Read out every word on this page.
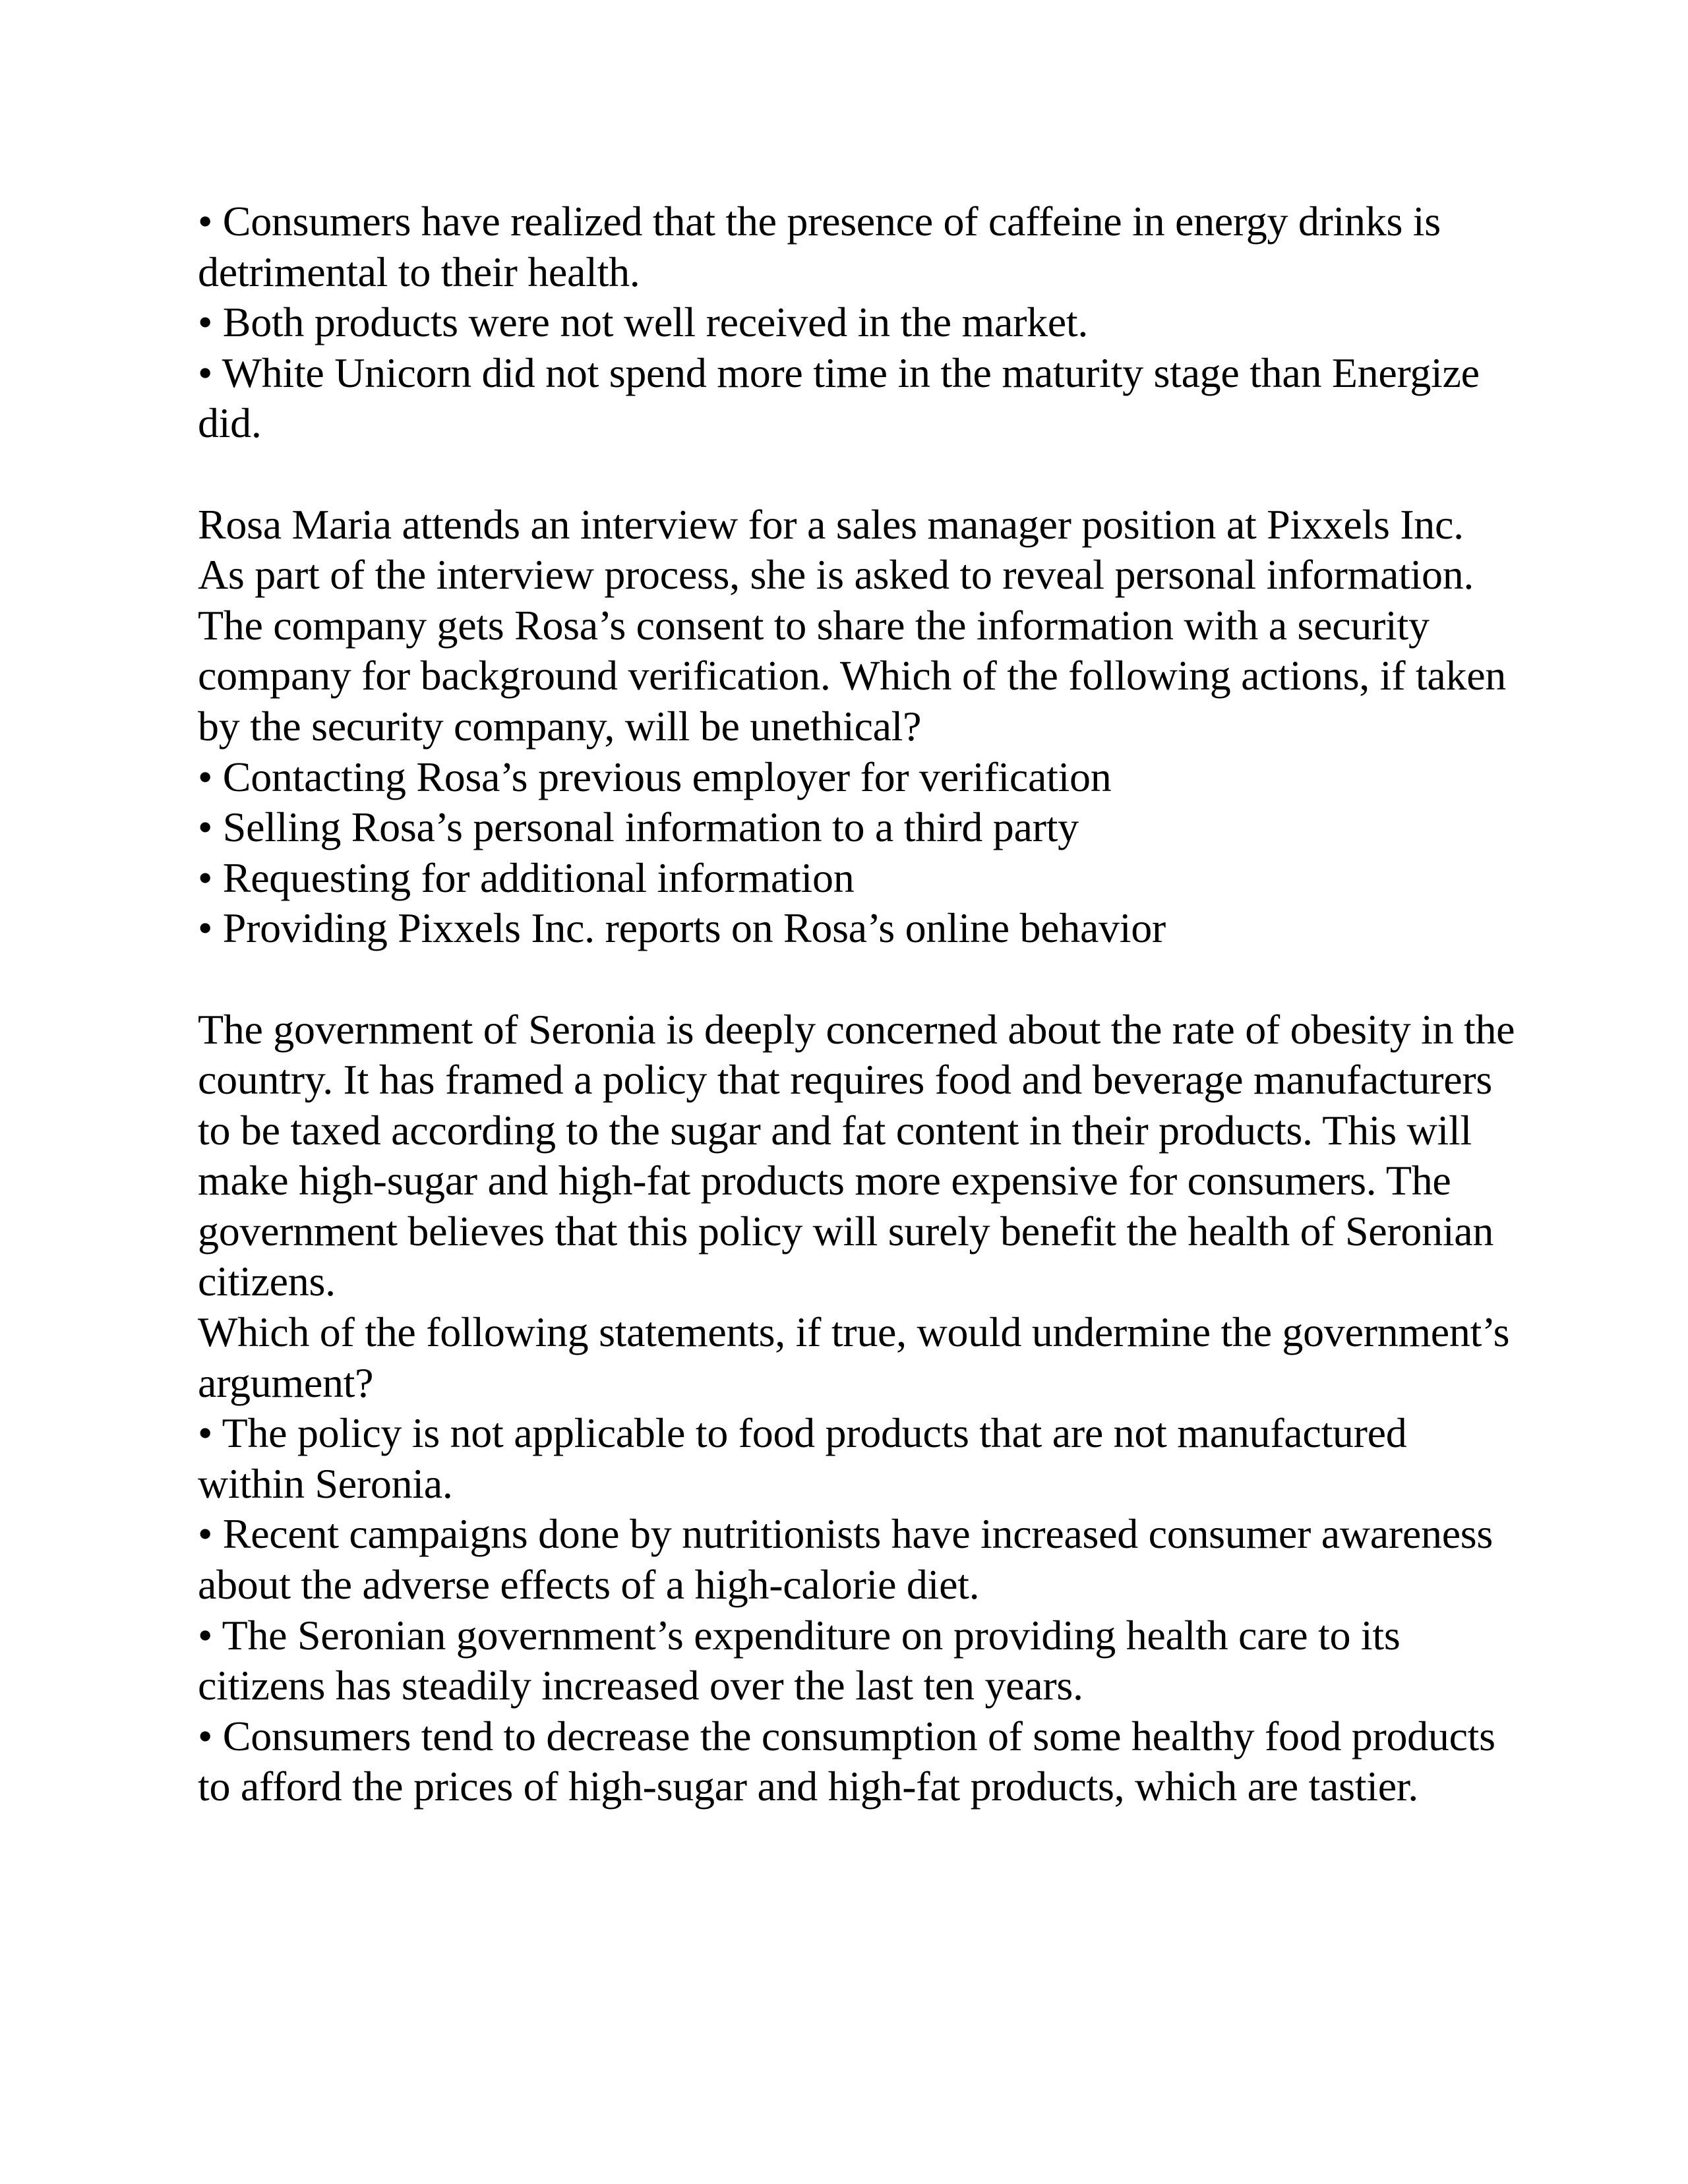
• Consumers have realized that the presence of caffeine in energy drinks is detrimental to their health.

• Both products were not well received in the market.

• White Unicorn did not spend more time in the maturity stage than Energize did.

Rosa Maria attends an interview for a sales manager position at Pixxels Inc. As part of the interview process, she is asked to reveal personal information. The company gets Rosa’s consent to share the information with a security company for background verification. Which of the following actions, if taken by the security company, will be unethical?

• Contacting Rosa’s previous employer for verification

• Selling Rosa’s personal information to a third party

• Requesting for additional information

• Providing Pixxels Inc. reports on Rosa’s online behavior

The government of Seronia is deeply concerned about the rate of obesity in the country. It has framed a policy that requires food and beverage manufacturers to be taxed according to the sugar and fat content in their products. This will make high-sugar and high-fat products more expensive for consumers. The government believes that this policy will surely benefit the health of Seronian citizens.

Which of the following statements, if true, would undermine the government’s argument?

• The policy is not applicable to food products that are not manufactured within Seronia.

• Recent campaigns done by nutritionists have increased consumer awareness about the adverse effects of a high-calorie diet.

• The Seronian government’s expenditure on providing health care to its citizens has steadily increased over the last ten years.

• Consumers tend to decrease the consumption of some healthy food products to afford the prices of high-sugar and high-fat products, which are tastier.
